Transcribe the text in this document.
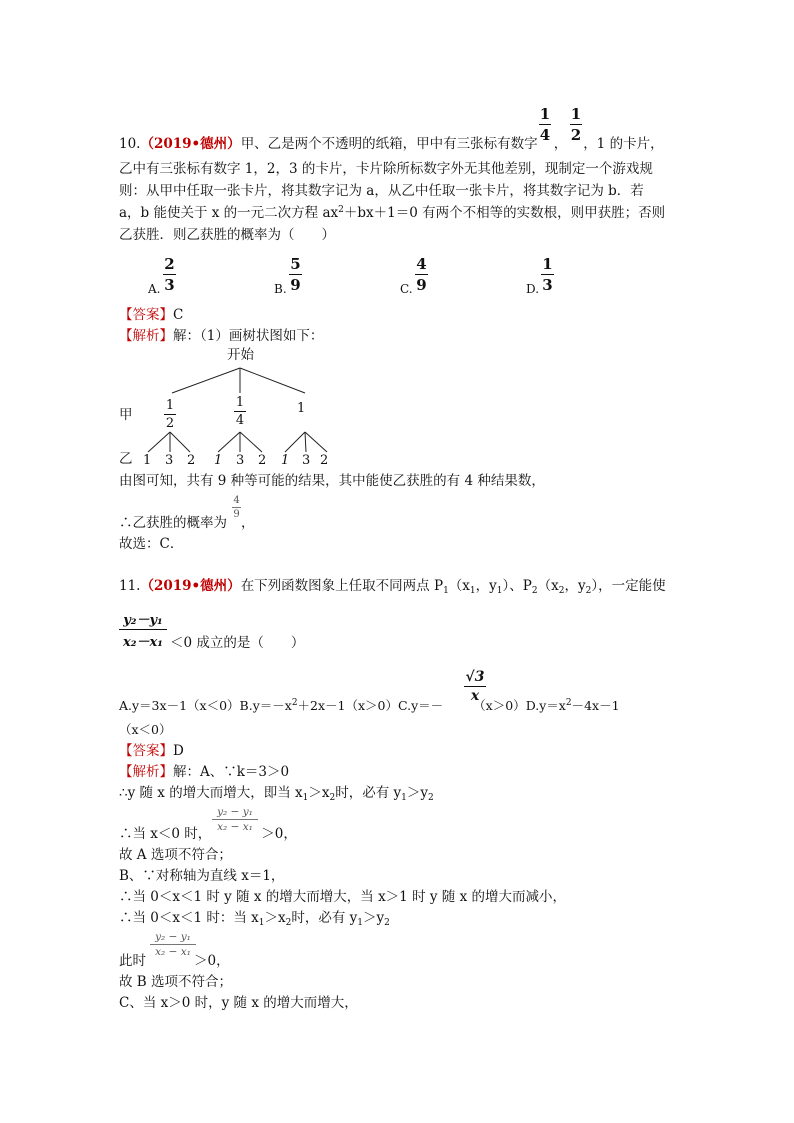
1
4
1
2
10.（2019•德州）甲、乙是两个不透明的纸箱，甲中有三张标有数字 ， ，1 的卡片，
乙中有三张标有数字 1，2，3 的卡片，卡片除所标数字外无其他差别，现制定一个游戏规
则：从甲中任取一张卡片，将其数字记为 a，从乙中任取一张卡片，将其数字记为 b．若
a，b 能使关于 x 的一元二次方程 $ax^2+bx+1=0$ 有两个不相等的实数根，则甲获胜；否则
乙获胜．则乙获胜的概率为（　　）
A.
2
3	B.
5
9	C.
4
9	D.
1
3
【答案】C
【解析】解：（1）画树状图如下：
开始
甲
乙
1
2
1
4
1
1 3 2 1 3 2 1 3 2
由图可知，共有 9 种等可能的结果，其中能使乙获胜的有 4 种结果数，
4
9
∴乙获胜的概率为 ，
故选：C．
11.（2019•德州）在下列函数图象上任取不同两点 $P_1(x_1$，$y_1$）、$P_2(x_2$，$y_2$），一定能使
y₂－y₁
x₂－x₁ ＜0 成立的是（　　）
√3
x
$A.y=3x-1(x<0)B.y=-x^2+2x-1(x>0)C.y=- (x>0)D.y=x^2-4x-1$
（x＜0）
【答案】D
【解析】解：A、∵k＝3＞0
∴y 随 x 的增大而增大，即当 $x_1>x_2$时，必有 $y_1>y_2$
y₂ − y₁
x₂ − x₁
∴当 x＜0 时，	＞0，
故 A 选项不符合；
B、∵对称轴为直线 x＝1，
∴当 0＜x＜1 时 y 随 x 的增大而增大，当 x＞1 时 y 随 x 的增大而减小，
∴当 0＜x＜1 时：当 $x_1>x_2$时，必有 $y_1>y_2$
y₂ − y₁
x₂ − x₁
此时	＞0，
故 B 选项不符合；
C、当 x＞0 时，y 随 x 的增大而增大，
